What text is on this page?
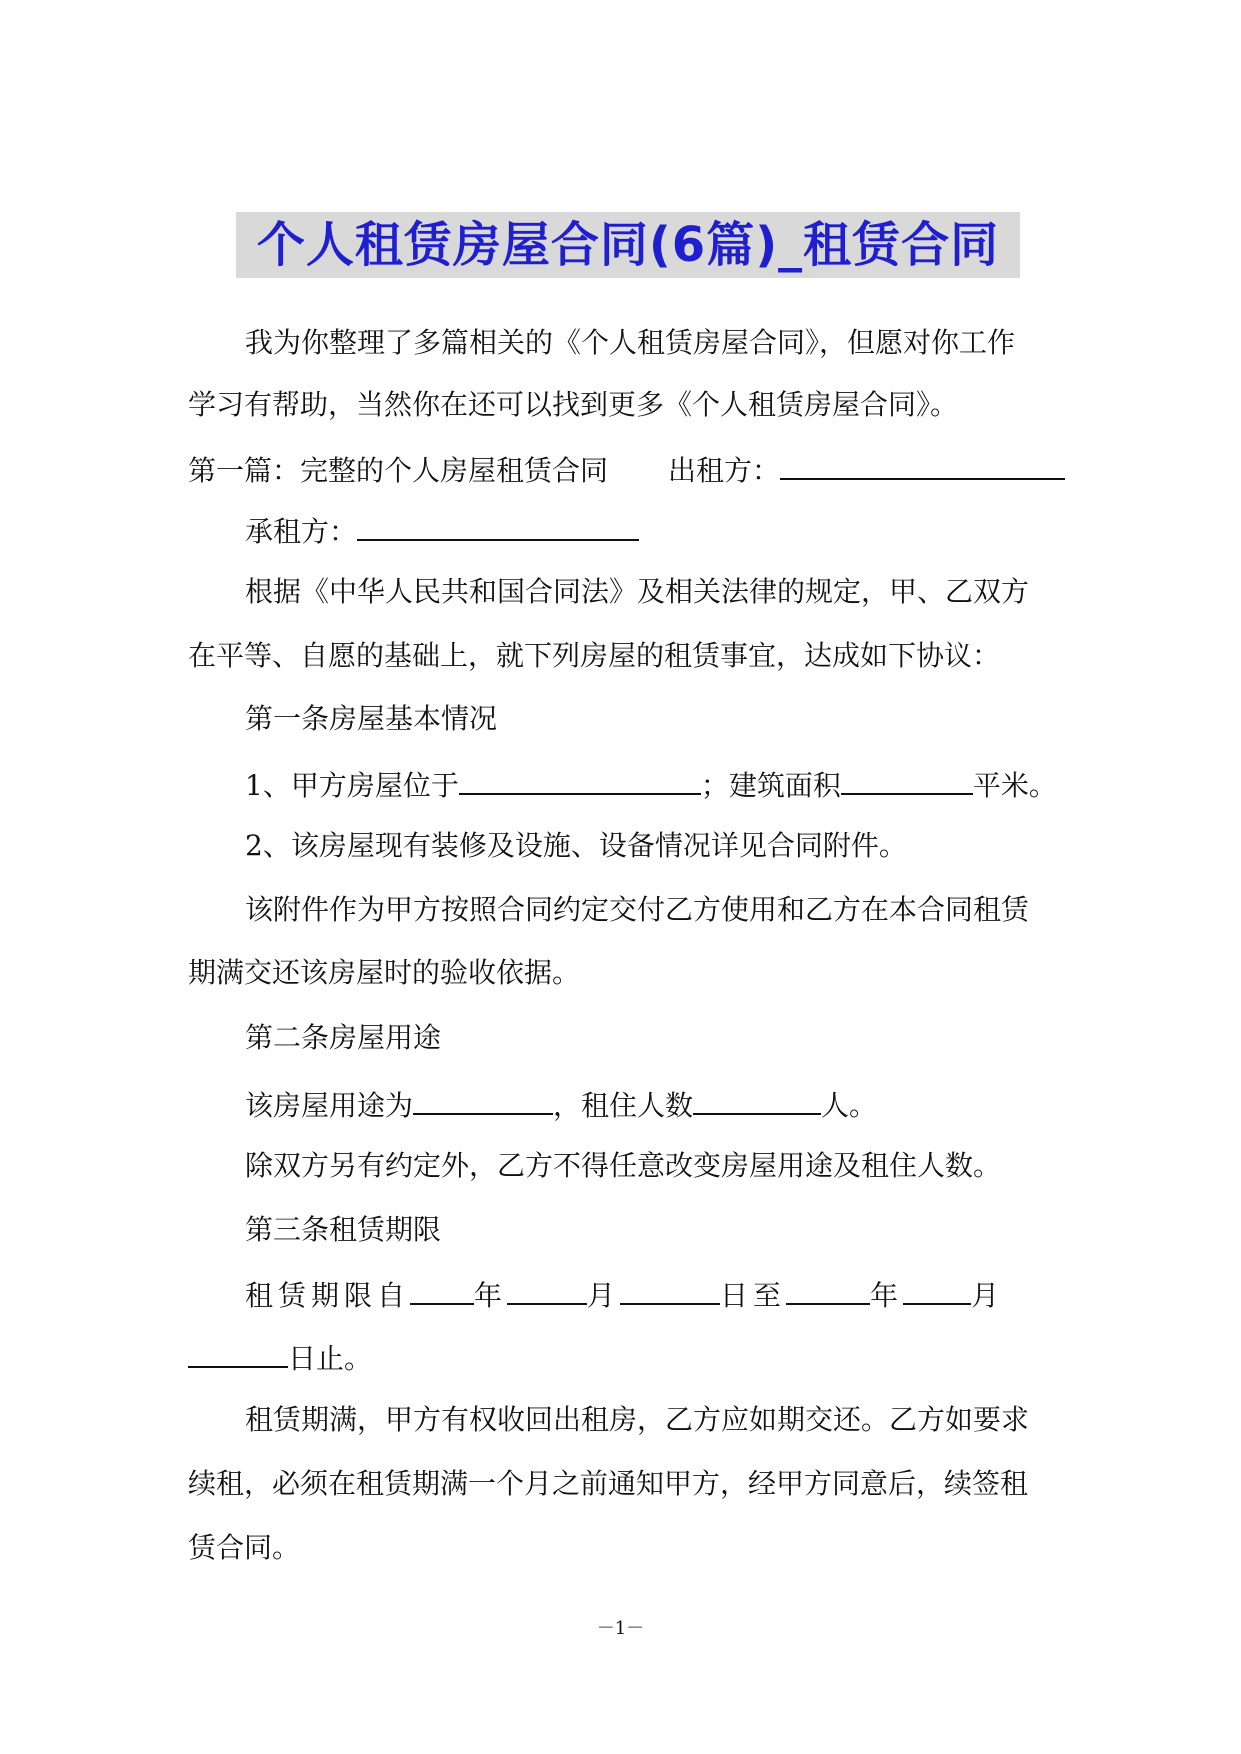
个人租赁房屋合同(6篇)_租赁合同
我为你整理了多篇相关的《个人租赁房屋合同》，但愿对你工作
学习有帮助，当然你在还可以找到更多《个人租赁房屋合同》。
第一篇：完整的个人房屋租赁合同 出租方：
承租方：
根据《中华人民共和国合同法》及相关法律的规定，甲、乙双方
在平等、自愿的基础上，就下列房屋的租赁事宜，达成如下协议：
第一条房屋基本情况
1、甲方房屋位于	；建筑面积	平米。
2、该房屋现有装修及设施、设备情况详见合同附件。
该附件作为甲方按照合同约定交付乙方使用和乙方在本合同租赁
期满交还该房屋时的验收依据。
第二条房屋用途
该房屋用途为	，租住人数	人。
除双方另有约定外，乙方不得任意改变房屋用途及租住人数。
第三条租赁期限
租赁期限自 年	月	日至	年 月
日止。
租赁期满，甲方有权收回出租房，乙方应如期交还。乙方如要求
续租，必须在租赁期满一个月之前通知甲方，经甲方同意后，续签租
赁合同。
－1－
